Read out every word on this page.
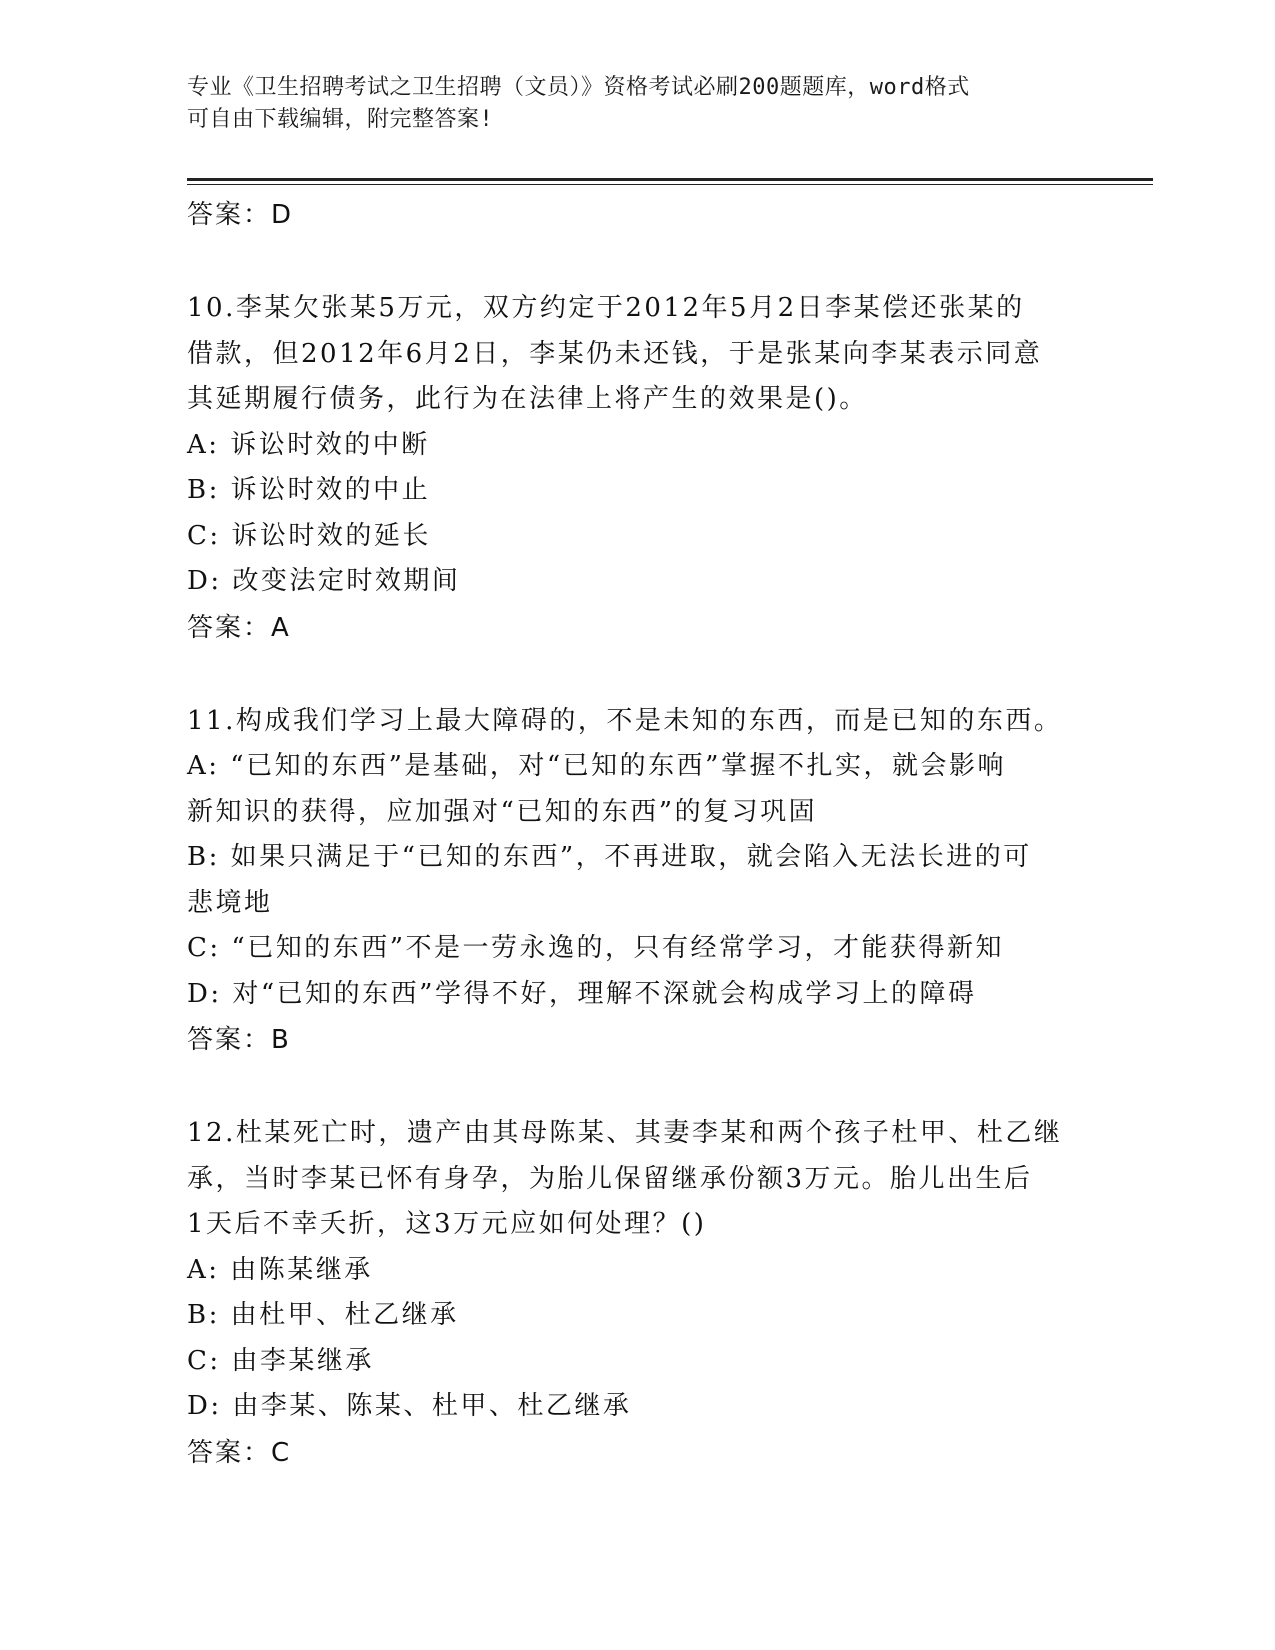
专业《卫生招聘考试之卫生招聘（文员）》资格考试必刷200题题库，word格式
可自由下载编辑，附完整答案!
答案：D
10.李某欠张某5万元，双方约定于2012年5月2日李某偿还张某的
借款，但2012年6月2日，李某仍未还钱，于是张某向李某表示同意
其延期履行债务，此行为在法律上将产生的效果是()。
A: 诉讼时效的中断
B: 诉讼时效的中止
C: 诉讼时效的延长
D: 改变法定时效期间
答案：A
11.构成我们学习上最大障碍的，不是未知的东西，而是已知的东西。
A: “已知的东西”是基础，对“已知的东西”掌握不扎实，就会影响
新知识的获得，应加强对“已知的东西”的复习巩固
B: 如果只满足于“已知的东西”，不再进取，就会陷入无法长进的可
悲境地
C: “已知的东西”不是一劳永逸的，只有经常学习，才能获得新知
D: 对“已知的东西”学得不好，理解不深就会构成学习上的障碍
答案：B
12.杜某死亡时，遗产由其母陈某、其妻李某和两个孩子杜甲、杜乙继
承，当时李某已怀有身孕，为胎儿保留继承份额3万元。胎儿出生后
1天后不幸夭折，这3万元应如何处理？()
A: 由陈某继承
B: 由杜甲、杜乙继承
C: 由李某继承
D: 由李某、陈某、杜甲、杜乙继承
答案：C
